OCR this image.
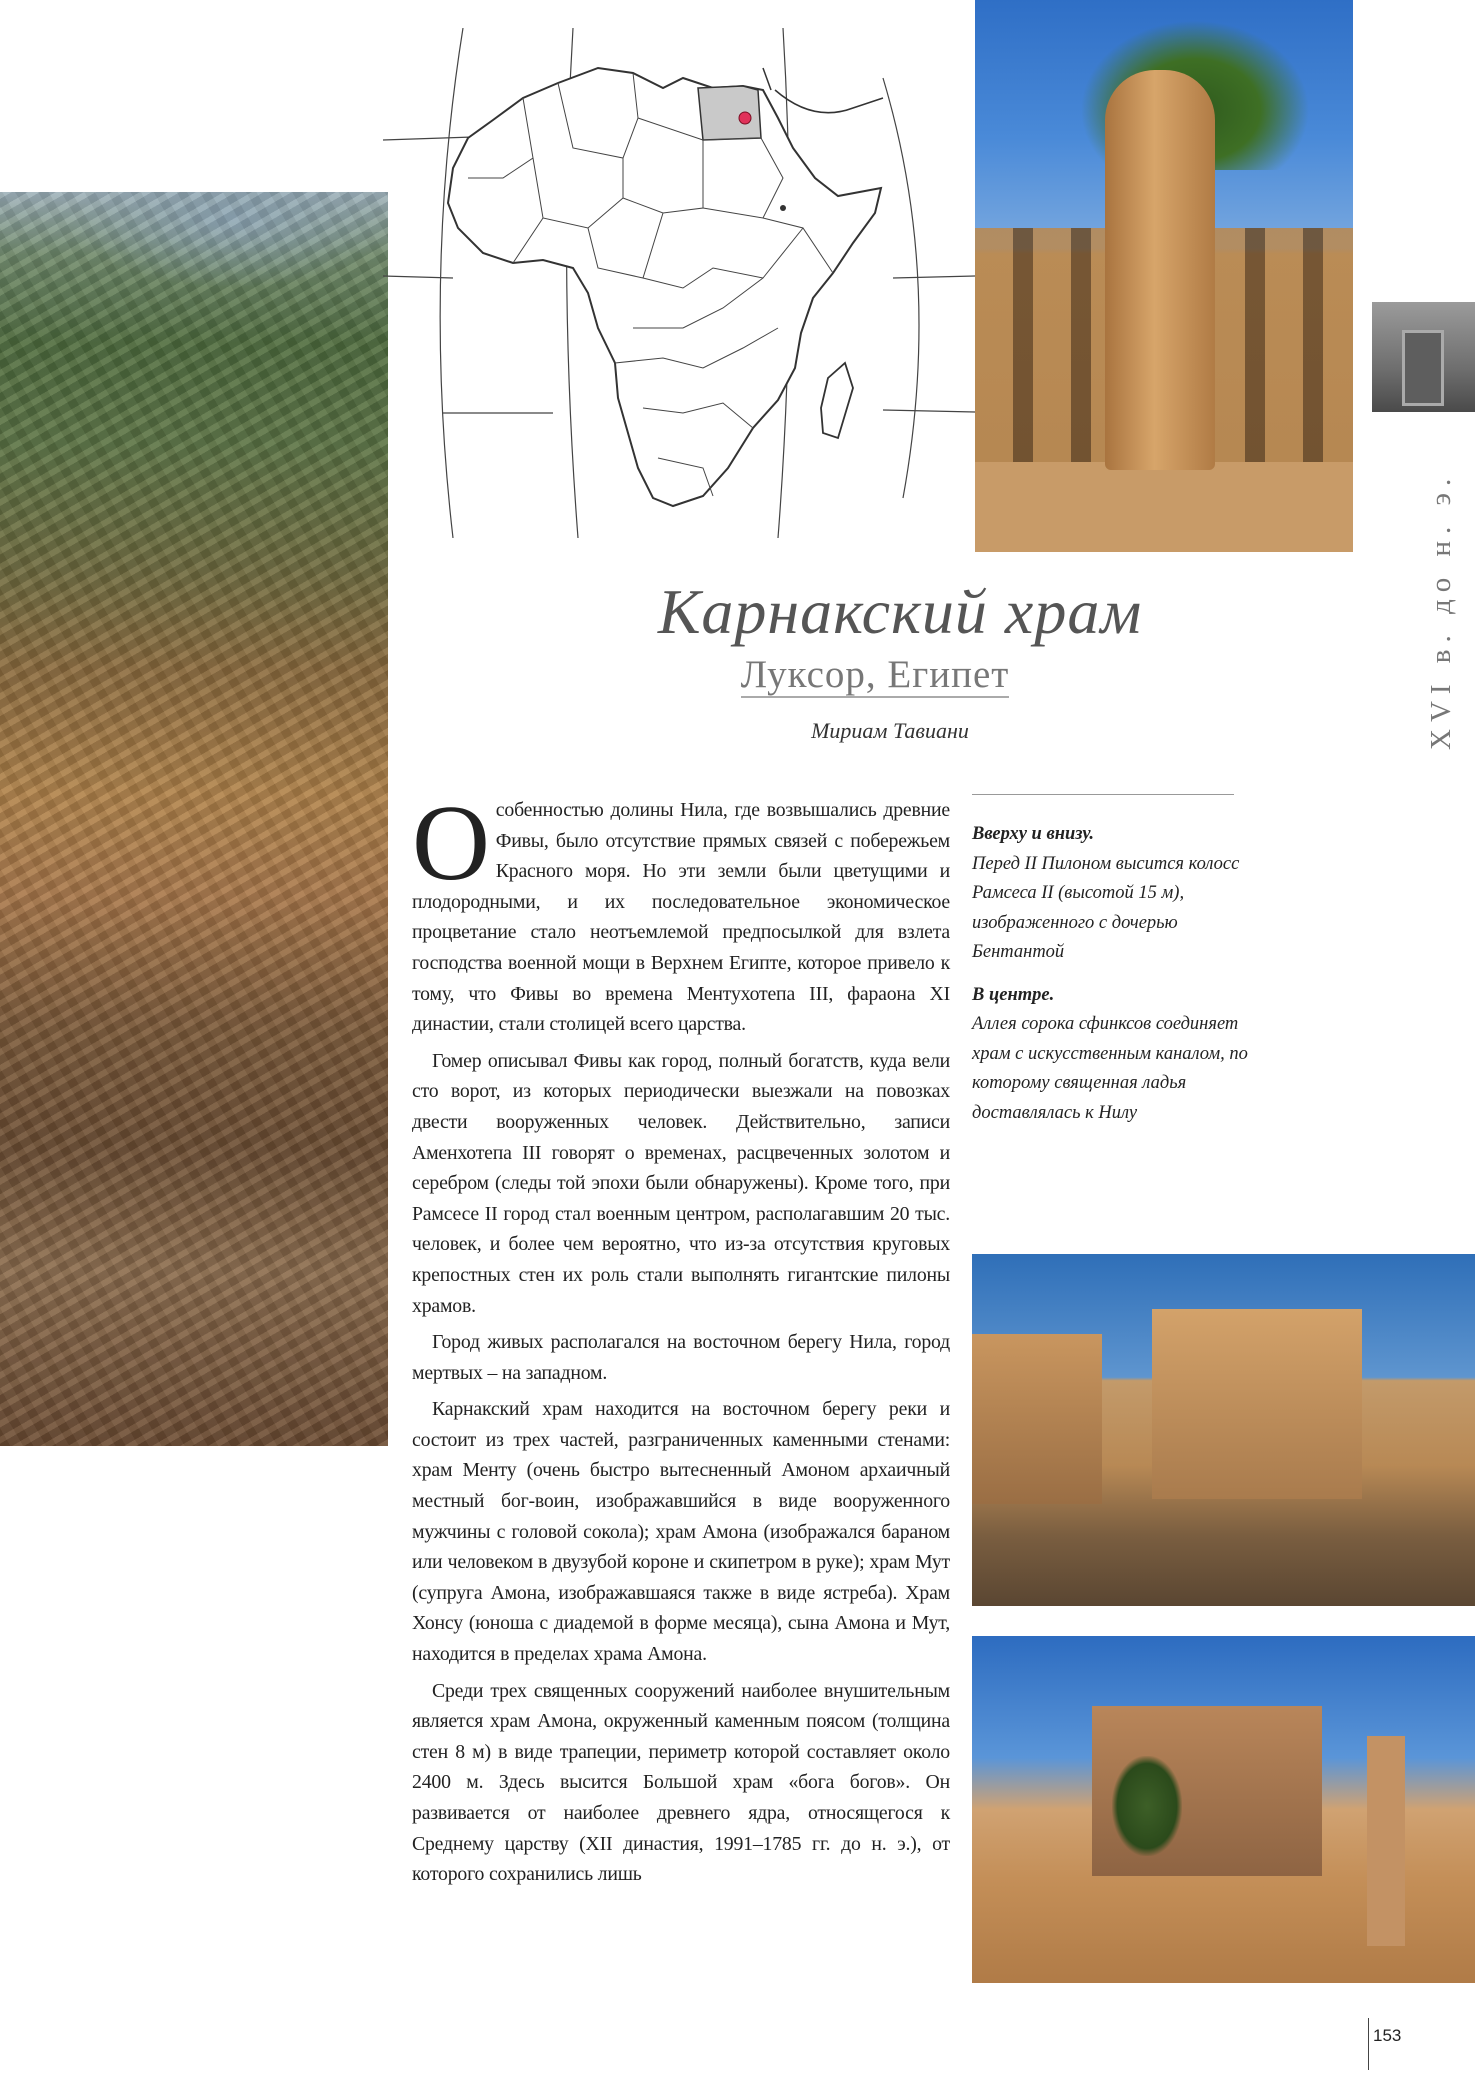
XVI в. до н. э.
Карнакский храм
Луксор, Египет
Мириам Тавиани

Особенностью долины Нила, где возвышались древние Фивы, было отсутствие прямых связей с побережьем Красного моря. Но эти земли были цветущими и плодородными, и их последовательное экономическое процветание стало неотъемлемой предпосылкой для взлета господства военной мощи в Верхнем Египте, которое привело к тому, что Фивы во времена Ментухотепа III, фараона XI династии, стали столицей всего царства.

Гомер описывал Фивы как город, полный богатств, куда вели сто ворот, из которых периодически выезжали на повозках двести вооруженных человек. Действительно, записи Аменхотепа III говорят о временах, расцвеченных золотом и серебром (следы той эпохи были обнаружены). Кроме того, при Рамсесе II город стал военным центром, располагавшим 20 тыс. человек, и более чем вероятно, что из-за отсутствия круговых крепостных стен их роль стали выполнять гигантские пилоны храмов.

Город живых располагался на восточном берегу Нила, город мертвых – на западном.

Карнакский храм находится на восточном берегу реки и состоит из трех частей, разграниченных каменными стенами: храм Менту (очень быстро вытесненный Амоном архаичный местный бог-воин, изображавшийся в виде вооруженного мужчины с головой сокола); храм Амона (изображался бараном или человеком в двузубой короне и скипетром в руке); храм Мут (супруга Амона, изображавшаяся также в виде ястреба). Храм Хонсу (юноша с диадемой в форме месяца), сына Амона и Мут, находится в пределах храма Амона.

Среди трех священных сооружений наиболее внушительным является храм Амона, окруженный каменным поясом (толщина стен 8 м) в виде трапеции, периметр которой составляет около 2400 м. Здесь высится Большой храм «бога богов». Он развивается от наиболее древнего ядра, относящегося к Среднему царству (XII династия, 1991–1785 гг. до н. э.), от которого сохранились лишь

Вверху и внизу.
Перед II Пилоном высится колосс Рамсеса II (высотой 15 м), изображенного с дочерью Бентантой
В центре.
Аллея сорока сфинксов соединяет храм с искусственным каналом, по которому священная ладья доставлялась к Нилу
153
